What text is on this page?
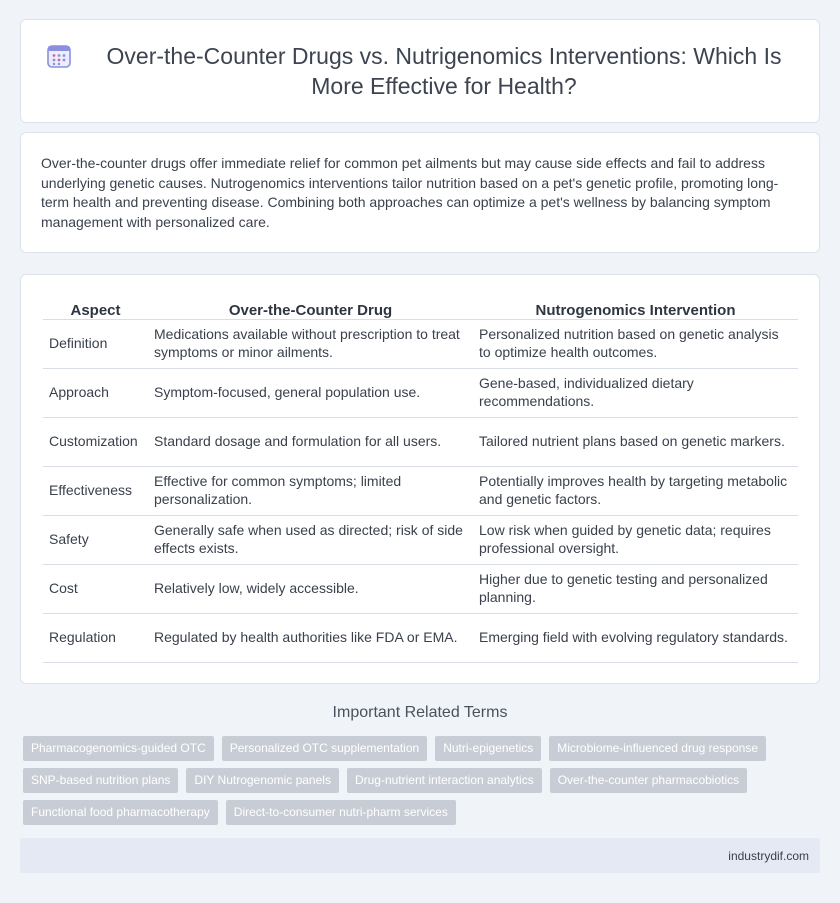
Over-the-Counter Drugs vs. Nutrigenomics Interventions: Which Is More Effective for Health?

Over-the-counter drugs offer immediate relief for common pet ailments but may cause side effects and fail to address underlying genetic causes. Nutrogenomics interventions tailor nutrition based on a pet's genetic profile, promoting long-term health and preventing disease. Combining both approaches can optimize a pet's wellness by balancing symptom management with personalized care.

Aspect	Over-the-Counter Drug	Nutrogenomics Intervention
Definition	Medications available without prescription to treat symptoms or minor ailments.	Personalized nutrition based on genetic analysis to optimize health outcomes.
Approach	Symptom-focused, general population use.	Gene-based, individualized dietary recommendations.
Customization	Standard dosage and formulation for all users.	Tailored nutrient plans based on genetic markers.
Effectiveness	Effective for common symptoms; limited personalization.	Potentially improves health by targeting metabolic and genetic factors.
Safety	Generally safe when used as directed; risk of side effects exists.	Low risk when guided by genetic data; requires professional oversight.
Cost	Relatively low, widely accessible.	Higher due to genetic testing and personalized planning.
Regulation	Regulated by health authorities like FDA or EMA.	Emerging field with evolving regulatory standards.
Important Related Terms
Pharmacogenomics-guided OTC	Personalized OTC supplementation	Nutri-epigenetics	Microbiome-influenced drug response
SNP-based nutrition plans	DIY Nutrogenomic panels	Drug-nutrient interaction analytics	Over-the-counter pharmacobiotics
Functional food pharmacotherapy	Direct-to-consumer nutri-pharm services
industrydif.com
